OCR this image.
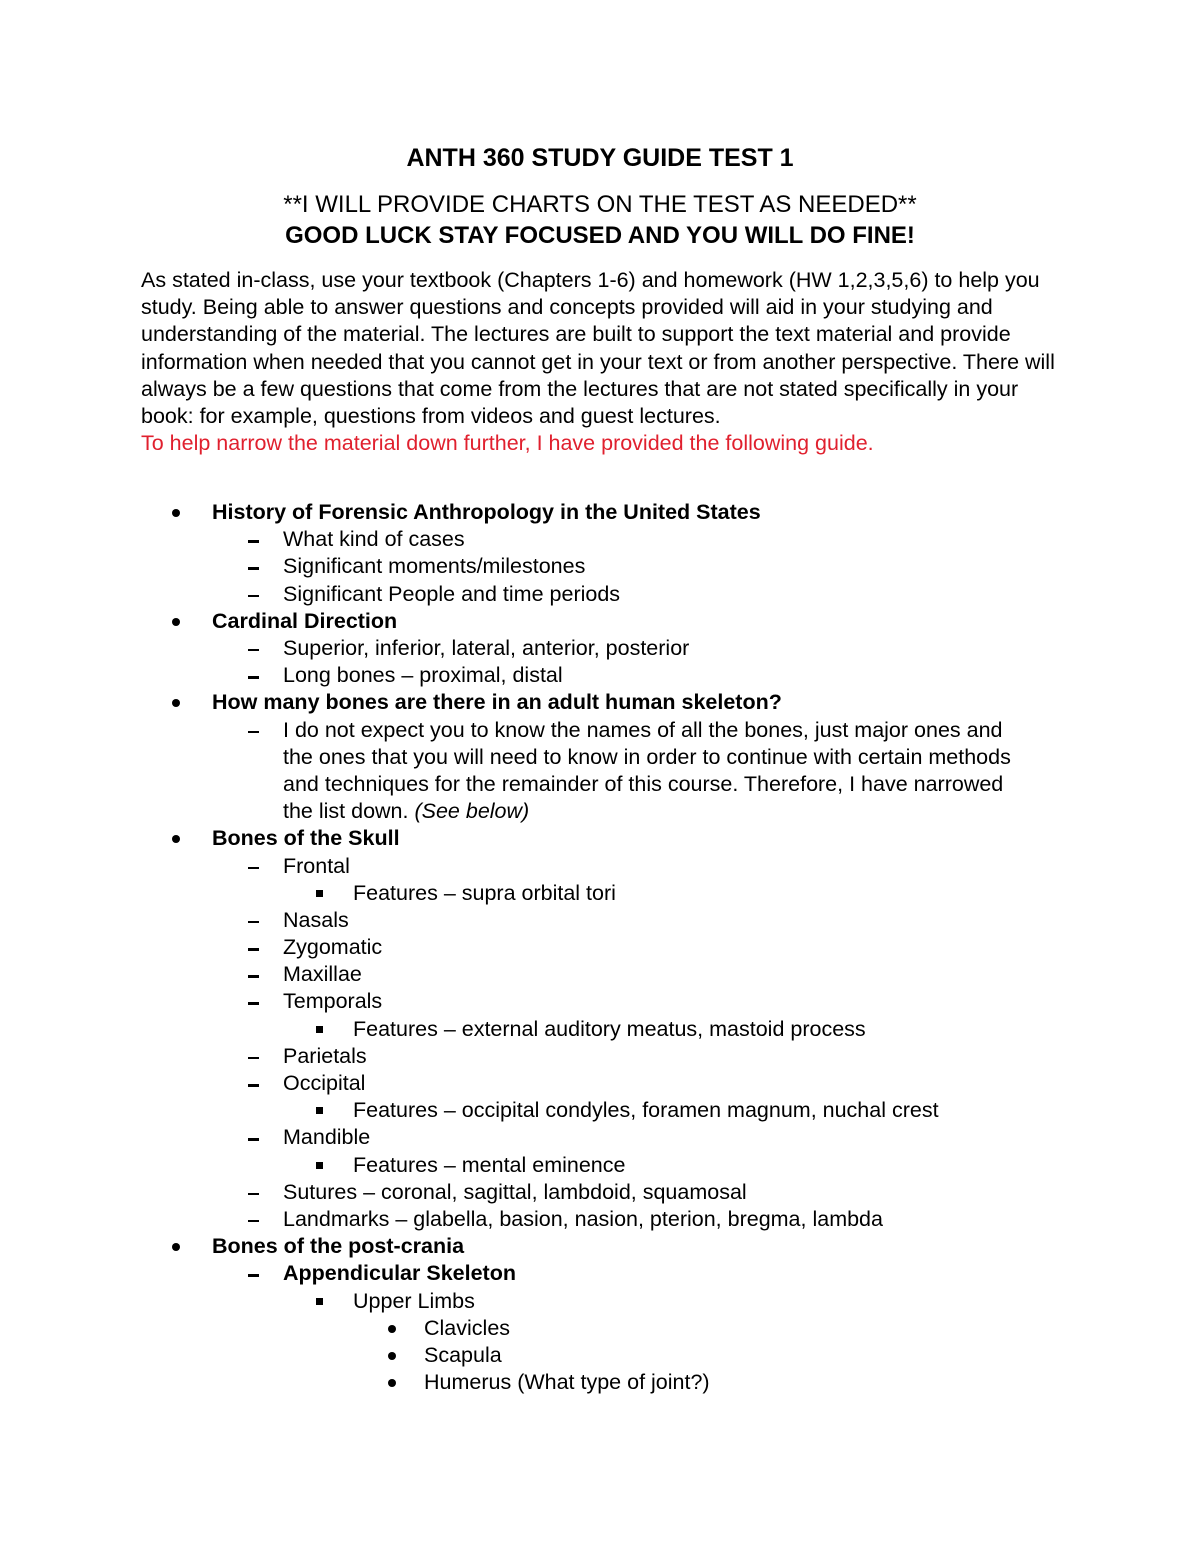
ANTH 360 STUDY GUIDE TEST 1
**I WILL PROVIDE CHARTS ON THE TEST AS NEEDED**
GOOD LUCK STAY FOCUSED AND YOU WILL DO FINE!
As stated in-class, use your textbook (Chapters 1-6) and homework (HW 1,2,3,5,6) to help you study. Being able to answer questions and concepts provided will aid in your studying and understanding of the material. The lectures are built to support the text material and provide information when needed that you cannot get in your text or from another perspective. There will always be a few questions that come from the lectures that are not stated specifically in your book: for example, questions from videos and guest lectures.
To help narrow the material down further, I have provided the following guide.
History of Forensic Anthropology in the United States
What kind of cases
Significant moments/milestones
Significant People and time periods
Cardinal Direction
Superior, inferior, lateral, anterior, posterior
Long bones – proximal, distal
How many bones are there in an adult human skeleton?
I do not expect you to know the names of all the bones, just major ones and the ones that you will need to know in order to continue with certain methods and techniques for the remainder of this course. Therefore, I have narrowed the list down. (See below)
Bones of the Skull
Frontal
Features – supra orbital tori
Nasals
Zygomatic
Maxillae
Temporals
Features – external auditory meatus, mastoid process
Parietals
Occipital
Features – occipital condyles, foramen magnum, nuchal crest
Mandible
Features – mental eminence
Sutures – coronal, sagittal, lambdoid, squamosal
Landmarks – glabella, basion, nasion, pterion, bregma, lambda
Bones of the post-crania
Appendicular Skeleton
Upper Limbs
Clavicles
Scapula
Humerus (What type of joint?)
